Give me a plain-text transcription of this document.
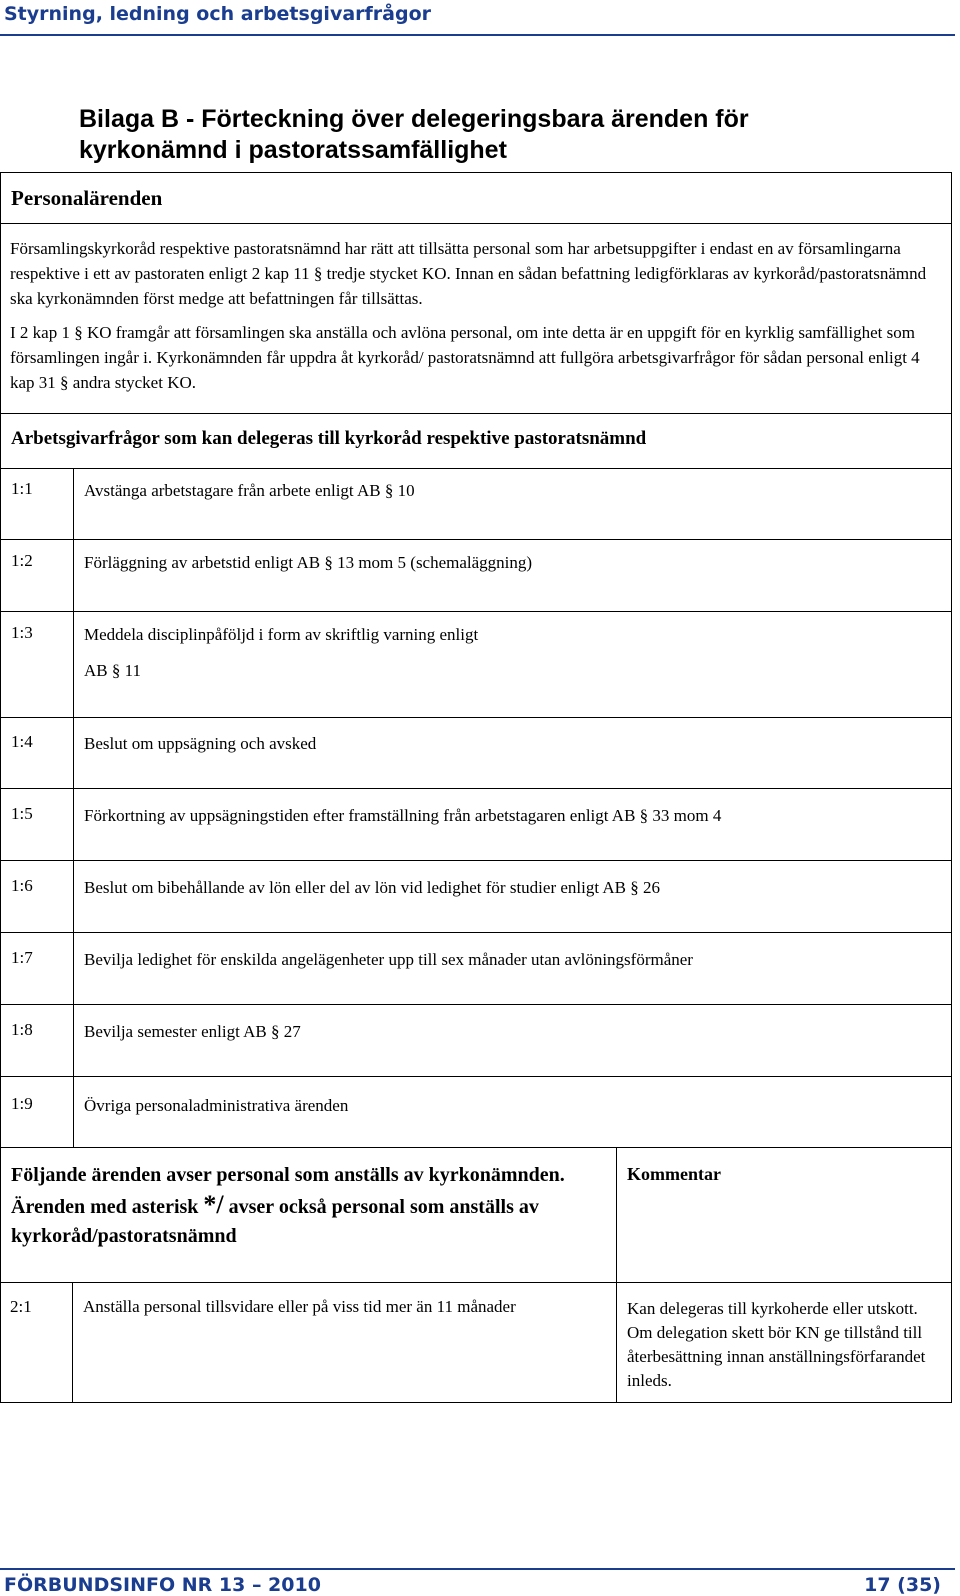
Styrning, ledning och arbetsgivarfrågor
Bilaga B - Förteckning över delegeringsbara ärenden för
kyrkonämnd i pastoratssamfällighet
Personalärenden

Församlingskyrkoråd respektive pastoratsnämnd har rätt att tillsätta personal som har arbetsuppgifter i endast en av församlingarna respektive i ett av pastoraten enligt 2 kap 11 § tredje stycket KO. Innan en sådan befattning ledigförklaras av kyrkoråd/pastoratsnämnd ska kyrkonämnden först medge att befattningen får tillsättas.

I 2 kap 1 § KO framgår att församlingen ska anställa och avlöna personal, om inte detta är en uppgift för en kyrklig samfällighet som församlingen ingår i. Kyrkonämnden får uppdra åt kyrkoråd/ pastoratsnämnd att fullgöra arbetsgivarfrågor för sådan personal enligt 4 kap 31 § andra stycket KO.

Arbetsgivarfrågor som kan delegeras till kyrkoråd respektive pastoratsnämnd
1:1	Avstänga arbetstagare från arbete enligt AB § 10
1:2	Förläggning av arbetstid enligt AB § 13 mom 5 (schemaläggning)
1:3	Meddela disciplinpåföljd i form av skriftlig varning enligt
AB § 11
1:4	Beslut om uppsägning och avsked
1:5	Förkortning av uppsägningstiden efter framställning från arbetstagaren enligt AB § 33 mom 4
1:6	Beslut om bibehållande av lön eller del av lön vid ledighet för studier enligt AB § 26
1:7	Bevilja ledighet för enskilda angelägenheter upp till sex månader utan avlöningsförmåner
1:8	Bevilja semester enligt AB § 27
1:9	Övriga personaladministrativa ärenden
Följande ärenden avser personal som anställs av kyrkonämnden. Ärenden med asterisk */ avser också personal som anställs av kyrkoråd/pastoratsnämnd
Kommentar
2:1	Anställa personal tillsvidare eller på viss tid mer än 11 månader	Kan delegeras till kyrkoherde eller utskott. Om delegation skett bör KN ge tillstånd till återbesättning innan anställningsförfarandet inleds.
FÖRBUNDSINFO NR 13 – 2010	17 (35)
